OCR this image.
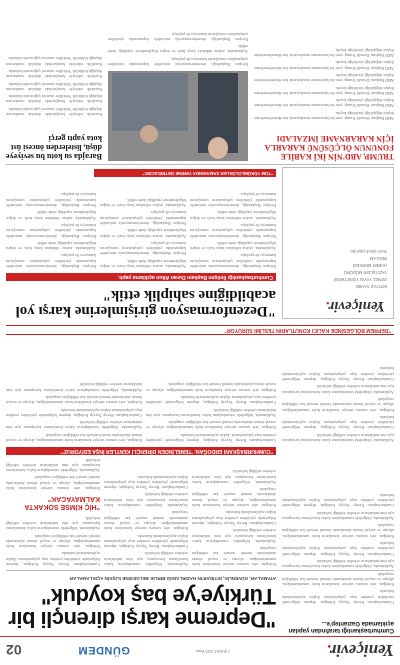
02	GÜNDEM	2 ŞUBAT 2025 Pazar	Yeniçevir.
Cumhurbaşkanlığı tarafından yapılan açıklamada Gaziantep'e...
"Depreme karşı dirençli bir Türkiye'ye baş koyduk"
ATAMALAR, GÜVENLİK, İKTİDAR'IN HAZIRLADIĞI BİRLİK BELGESİNE İLİŞKİN AÇIKLAMALAR

Cumhurbaşkanı Recep Tayyip Erdoğan, deprem bölgesinde yürütülen yeniden inşa çalışmalarına ilişkin açıklamalarda bulundu.

Erdoğan, afet sonrası süreçte konutların hızla tamamlandığını, altyapı ve sosyal donatı alanlarında önemli mesafe kat edildiğini vurguladı.

Açıklamada, bölgedeki vatandaşların kalıcı konutlarına kavuşması için tüm imkânların seferber edildiği belirtildi.

Cumhurbaşkanı Recep Tayyip Erdoğan, deprem bölgesinde yürütülen yeniden inşa çalışmalarına ilişkin açıklamalarda bulundu.

Erdoğan, afet sonrası süreçte konutların hızla tamamlandığını, altyapı ve sosyal donatı alanlarında önemli mesafe kat edildiğini vurguladı.

Açıklamada, bölgedeki vatandaşların kalıcı konutlarına kavuşması için tüm imkânların seferber edildiği belirtildi.

Cumhurbaşkanı Recep Tayyip Erdoğan, deprem bölgesinde yürütülen yeniden inşa çalışmalarına ilişkin açıklamalarda bulundu.

Erdoğan, afet sonrası süreçte konutların hızla tamamlandığını, altyapı ve sosyal donatı alanlarında önemli mesafe kat edildiğini vurguladı.

Açıklamada, bölgedeki vatandaşların kalıcı konutlarına kavuşması için tüm imkânların seferber edildiği belirtildi.

Cumhurbaşkanı Recep Tayyip Erdoğan, deprem bölgesinde yürütülen yeniden inşa çalışmalarına ilişkin açıklamalarda bulundu.

Erdoğan, afet sonrası süreçte konutların hızla tamamlandığını, altyapı ve sosyal donatı alanlarında önemli mesafe kat edildiğini vurguladı.

Açıklamada, bölgedeki vatandaşların kalıcı konutlarına kavuşması için tüm imkânların seferber edildiği belirtildi.

Açıklamada, bölgedeki vatandaşların kalıcı konutlarına kavuşması için tüm imkânların seferber edildiği belirtildi.

Cumhurbaşkanı Recep Tayyip Erdoğan, deprem bölgesinde yürütülen yeniden inşa çalışmalarına ilişkin açıklamalarda bulundu.

Erdoğan, afet sonrası süreçte konutların hızla tamamlandığını, altyapı ve sosyal donatı alanlarında önemli mesafe kat edildiğini vurguladı.

Açıklamada, bölgedeki vatandaşların kalıcı konutlarına kavuşması için tüm imkânların seferber edildiği belirtildi.

Cumhurbaşkanı Recep Tayyip Erdoğan, deprem bölgesinde yürütülen yeniden inşa çalışmalarına ilişkin açıklamalarda bulundu.

Cumhurbaşkanı Recep Tayyip Erdoğan, deprem bölgesinde yürütülen yeniden inşa çalışmalarına ilişkin açıklamalarda bulundu.

Erdoğan, afet sonrası süreçte konutların hızla tamamlandığını, altyapı ve sosyal donatı alanlarında önemli mesafe kat edildiğini vurguladı.

Açıklamada, bölgedeki vatandaşların kalıcı konutlarına kavuşması için tüm imkânların seferber edildiği belirtildi.

"HİÇ KİMSE SOKAKTA KALMAYACAK"

Erdoğan, afet sonrası süreçte konutların hızla tamamlandığını, altyapı ve sosyal donatı alanlarında önemli mesafe kat edildiğini vurguladı.

Açıklamada, bölgedeki vatandaşların kalıcı konutlarına kavuşması için tüm imkânların seferber edildiği belirtildi.

"CUMHURBAŞKANI ERDOĞAN: 'TEMELİNDEN DİRENÇLİ KENTLER İNŞA EDİYORUZ'"

Açıklamada, bölgedeki vatandaşların kalıcı konutlarına kavuşması için tüm imkânların seferber edildiği belirtildi.

Cumhurbaşkanı Recep Tayyip Erdoğan, deprem bölgesinde yürütülen yeniden inşa çalışmalarına ilişkin açıklamalarda bulundu.

Erdoğan, afet sonrası süreçte konutların hızla tamamlandığını, altyapı ve sosyal donatı alanlarında önemli mesafe kat edildiğini vurguladı.

Açıklamada, bölgedeki vatandaşların kalıcı konutlarına kavuşması için tüm imkânların seferber edildiği belirtildi.

Cumhurbaşkanı Recep Tayyip Erdoğan, deprem bölgesinde yürütülen yeniden inşa çalışmalarına ilişkin açıklamalarda bulundu.

Cumhurbaşkanı Recep Tayyip Erdoğan, deprem bölgesinde yürütülen yeniden inşa çalışmalarına ilişkin açıklamalarda bulundu.

Erdoğan, afet sonrası süreçte konutların hızla tamamlandığını, altyapı ve sosyal donatı alanlarında önemli mesafe kat edildiğini vurguladı.

Açıklamada, bölgedeki vatandaşların kalıcı konutlarına kavuşması için tüm imkânların seferber edildiği belirtildi.

Cumhurbaşkanı Recep Tayyip Erdoğan, deprem bölgesinde yürütülen yeniden inşa çalışmalarına ilişkin açıklamalarda bulundu.

Erdoğan, afet sonrası süreçte konutların hızla tamamlandığını, altyapı ve sosyal donatı alanlarında önemli mesafe kat edildiğini vurguladı.

Erdoğan, afet sonrası süreçte konutların hızla tamamlandığını, altyapı ve sosyal donatı alanlarında önemli mesafe kat edildiğini vurguladı.

Açıklamada, bölgedeki vatandaşların kalıcı konutlarına kavuşması için tüm imkânların seferber edildiği belirtildi.

Cumhurbaşkanı Recep Tayyip Erdoğan, deprem bölgesinde yürütülen yeniden inşa çalışmalarına ilişkin açıklamalarda bulundu.

Erdoğan, afet sonrası süreçte konutların hızla tamamlandığını, altyapı ve sosyal donatı alanlarında önemli mesafe kat edildiğini vurguladı.

Açıklamada, bölgedeki vatandaşların kalıcı konutlarına kavuşması için tüm imkânların seferber edildiği belirtildi.

"DEPREM BÖLGESİNDE KALICI KONUTLARIN TESLİMİ SÜRÜYOR"
"Dezenformasyon girişimlerine karşı yol acabildiğine sahiplik ettik"
Cumhurbaşkanlığı İletişim Başkanı Duran Altun açıklama yaptı.
Yeniçevir.
İMTİYAZ SAHİBİ
GENEL YAYIN YÖNETMENİ
YAZI İŞLERİ MÜDÜRÜ
HABER MERKEZİ
REKLAM
Yerel süreli yayındır.

İletişim Başkanlığı, dezenformasyonla mücadele kapsamında yürütülen çalışmaların sonuçlarını kamuoyu ile paylaştı.

Açıklamada, asılsız iddialara karşı hızlı ve doğru bilgilendirme yapıldığı ifade edildi.

İletişim Başkanlığı, dezenformasyonla mücadele kapsamında yürütülen çalışmaların sonuçlarını kamuoyu ile paylaştı.

Açıklamada, asılsız iddialara karşı hızlı ve doğru bilgilendirme yapıldığı ifade edildi.

İletişim Başkanlığı, dezenformasyonla mücadele kapsamında yürütülen çalışmaların sonuçlarını kamuoyu ile paylaştı.

Açıklamada, asılsız iddialara karşı hızlı ve doğru bilgilendirme yapıldığı ifade edildi.

İletişim Başkanlığı, dezenformasyonla mücadele kapsamında yürütülen çalışmaların sonuçlarını kamuoyu ile paylaştı.

Açıklamada, asılsız iddialara karşı hızlı ve doğru bilgilendirme yapıldığı ifade edildi.

İletişim Başkanlığı, dezenformasyonla mücadele kapsamında yürütülen çalışmaların sonuçlarını kamuoyu ile paylaştı.

Açıklamada, asılsız iddialara karşı hızlı ve doğru bilgilendirme yapıldığı ifade edildi.

İletişim Başkanlığı, dezenformasyonla mücadele kapsamında yürütülen çalışmaların sonuçlarını kamuoyu ile paylaştı.

Açıklamada, asılsız iddialara karşı hızlı ve doğru bilgilendirme yapıldığı ifade edildi.

İletişim Başkanlığı, dezenformasyonla mücadele kapsamında yürütülen çalışmaların sonuçlarını kamuoyu ile paylaştı.

Açıklamada, asılsız iddialara karşı hızlı ve doğru bilgilendirme yapıldığı ifade edildi.

İletişim Başkanlığı, dezenformasyonla mücadele kapsamında yürütülen çalışmaların sonuçlarını kamuoyu ile paylaştı.

TRUMP, ABD'NİN İKİ KABİLE FONUNUN ÖLÇÜSÜNÜ KARARLA İÇİN KARARNAME İMZALADI

ABD Başkanı Donald Trump, yeni bir kararname imzalayarak fon düzenlemelerine ilişkin değişikliği yürürlüğe koydu.

ABD Başkanı Donald Trump, yeni bir kararname imzalayarak fon düzenlemelerine ilişkin değişikliği yürürlüğe koydu.

ABD Başkanı Donald Trump, yeni bir kararname imzalayarak fon düzenlemelerine ilişkin değişikliği yürürlüğe koydu.

ABD Başkanı Donald Trump, yeni bir kararname imzalayarak fon düzenlemelerine ilişkin değişikliği yürürlüğe koydu.

ABD Başkanı Donald Trump, yeni bir kararname imzalayarak fon düzenlemelerine ilişkin değişikliği yürürlüğe koydu.

ABD Başkanı Donald Trump, yeni bir kararname imzalayarak fon düzenlemelerine ilişkin değişikliği yürürlüğe koydu.

İletişim Başkanlığı, dezenformasyonla mücadele kapsamında yürütülen çalışmaların sonuçlarını kamuoyu ile paylaştı.

Açıklamada, asılsız iddialara karşı hızlı ve doğru bilgilendirme yapıldığı ifade edildi.

İletişim Başkanlığı, dezenformasyonla mücadele kapsamında yürütülen çalışmaların sonuçlarını kamuoyu ile paylaştı.

Barajda su kotu bu seviyeye düşü, listelerden öncesi üst kota yaptı gerçi

Kuraklık etkisiyle barajlardaki doluluk oranlarının düştüğü bildirildi. Yetkililer tasarruf çağrısında bulundu.

Kuraklık etkisiyle barajlardaki doluluk oranlarının düştüğü bildirildi. Yetkililer tasarruf çağrısında bulundu.

Kuraklık etkisiyle barajlardaki doluluk oranlarının düştüğü bildirildi. Yetkililer tasarruf çağrısında bulundu.

Kuraklık etkisiyle barajlardaki doluluk oranlarının düştüğü bildirildi. Yetkililer tasarruf çağrısında bulundu.

Kuraklık etkisiyle barajlardaki doluluk oranlarının düştüğü bildirildi. Yetkililer tasarruf çağrısında bulundu.

"TÜM YÜKÜMLÜLÜKLER ZAMANINDA YERİNE GETİRİLECEK"
